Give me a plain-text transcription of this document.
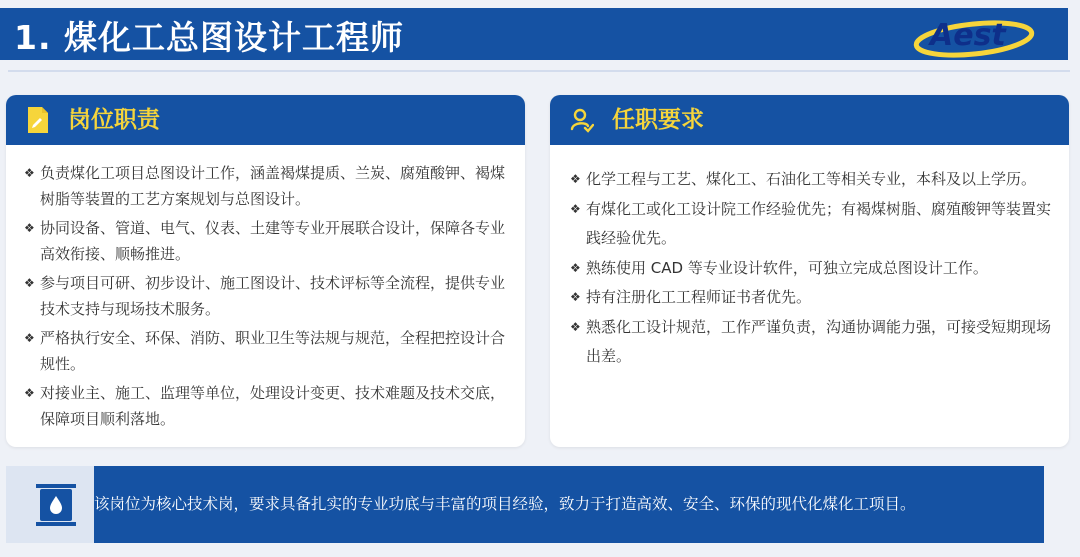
1. 煤化工总图设计工程师	Aest
岗位职责
❖ 负责煤化工项目总图设计工作，涵盖褐煤提质、兰炭、腐殖酸钾、褐煤树脂等装置的工艺方案规划与总图设计。
❖ 协同设备、管道、电气、仪表、土建等专业开展联合设计，保障各专业高效衔接、顺畅推进。
❖ 参与项目可研、初步设计、施工图设计、技术评标等全流程，提供专业技术支持与现场技术服务。
❖ 严格执行安全、环保、消防、职业卫生等法规与规范，全程把控设计合规性。
❖ 对接业主、施工、监理等单位，处理设计变更、技术难题及技术交底，保障项目顺利落地。
任职要求
❖ 化学工程与工艺、煤化工、石油化工等相关专业，本科及以上学历。
❖ 有煤化工或化工设计院工作经验优先；有褐煤树脂、腐殖酸钾等装置实践经验优先。
❖ 熟练使用 CAD 等专业设计软件，可独立完成总图设计工作。
❖ 持有注册化工工程师证书者优先。
❖ 熟悉化工设计规范，工作严谨负责，沟通协调能力强，可接受短期现场出差。
该岗位为核心技术岗，要求具备扎实的专业功底与丰富的项目经验，致力于打造高效、安全、环保的现代化煤化工项目。
